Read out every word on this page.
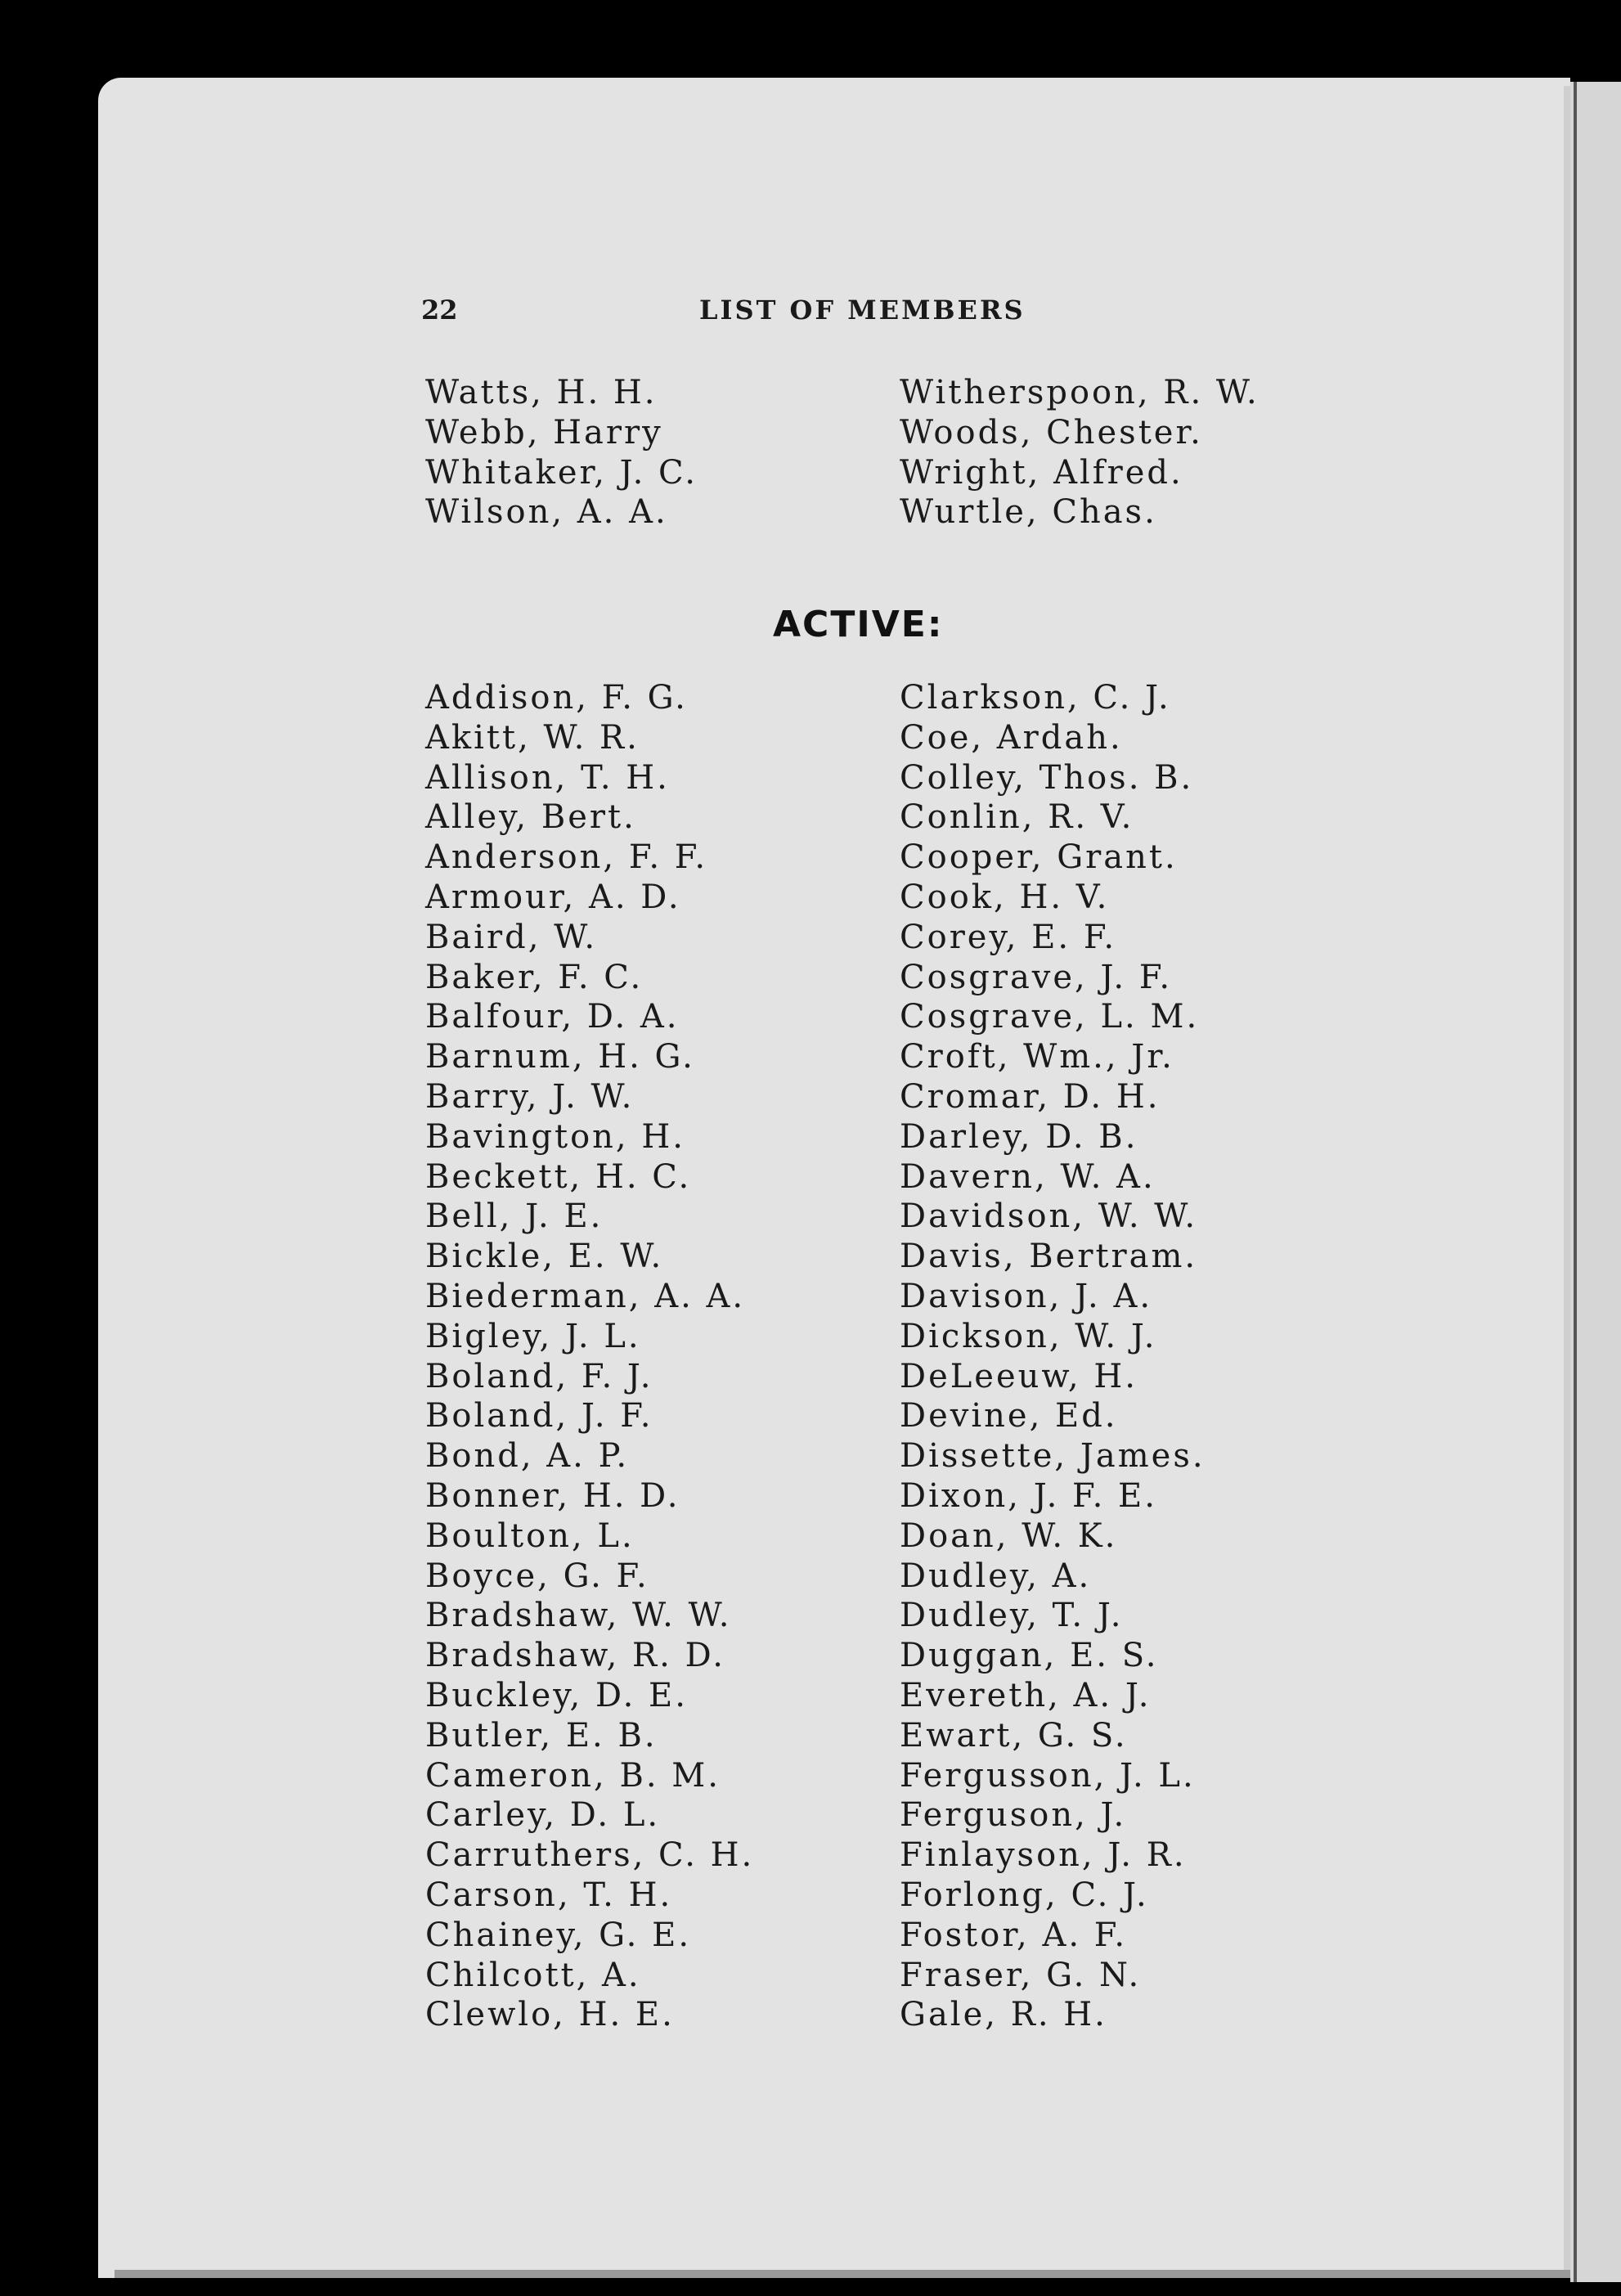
22	LIST OF MEMBERS
Watts, H. H.
Webb, Harry
Whitaker, J. C.
Wilson, A. A.
Witherspoon, R. W.
Woods, Chester.
Wright, Alfred.
Wurtle, Chas.
ACTIVE:
Addison, F. G.
Akitt, W. R.
Allison, T. H.
Alley, Bert.
Anderson, F. F.
Armour, A. D.
Baird, W.
Baker, F. C.
Balfour, D. A.
Barnum, H. G.
Barry, J. W.
Bavington, H.
Beckett, H. C.
Bell, J. E.
Bickle, E. W.
Biederman, A. A.
Bigley, J. L.
Boland, F. J.
Boland, J. F.
Bond, A. P.
Bonner, H. D.
Boulton, L.
Boyce, G. F.
Bradshaw, W. W.
Bradshaw, R. D.
Buckley, D. E.
Butler, E. B.
Cameron, B. M.
Carley, D. L.
Carruthers, C. H.
Carson, T. H.
Chainey, G. E.
Chilcott, A.
Clewlo, H. E.
Clarkson, C. J.
Coe, Ardah.
Colley, Thos. B.
Conlin, R. V.
Cooper, Grant.
Cook, H. V.
Corey, E. F.
Cosgrave, J. F.
Cosgrave, L. M.
Croft, Wm., Jr.
Cromar, D. H.
Darley, D. B.
Davern, W. A.
Davidson, W. W.
Davis, Bertram.
Davison, J. A.
Dickson, W. J.
DeLeeuw, H.
Devine, Ed.
Dissette, James.
Dixon, J. F. E.
Doan, W. K.
Dudley, A.
Dudley, T. J.
Duggan, E. S.
Evereth, A. J.
Ewart, G. S.
Fergusson, J. L.
Ferguson, J.
Finlayson, J. R.
Forlong, C. J.
Fostor, A. F.
Fraser, G. N.
Gale, R. H.
